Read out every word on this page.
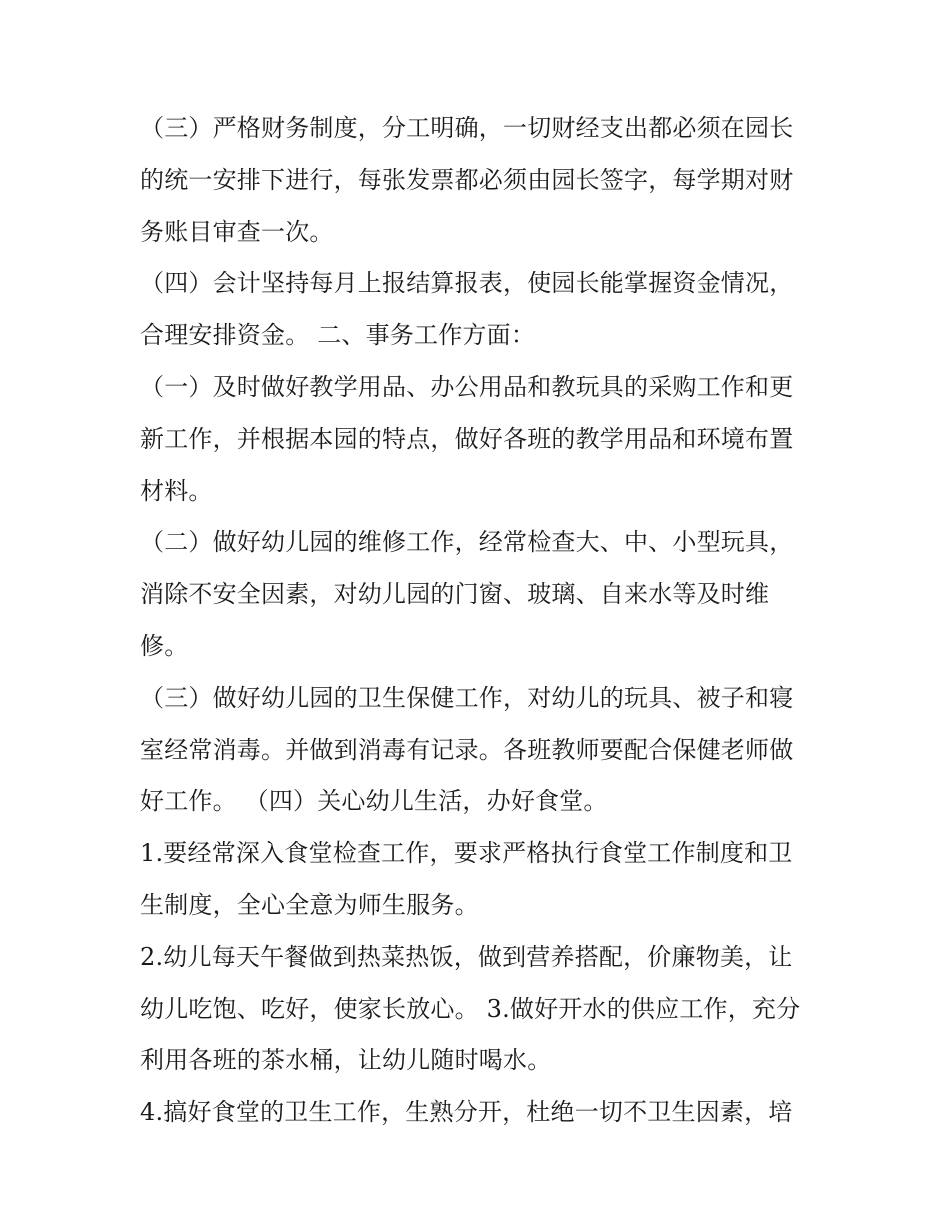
（三）严格财务制度，分工明确，一切财经支出都必须在园长
的统一安排下进行，每张发票都必须由园长签字，每学期对财
务账目审查一次。
（四）会计坚持每月上报结算报表，使园长能掌握资金情况，
合理安排资金。 二、事务工作方面：
（一）及时做好教学用品、办公用品和教玩具的采购工作和更
新工作，并根据本园的特点，做好各班的教学用品和环境布置
材料。
（二）做好幼儿园的维修工作，经常检查大、中、小型玩具，
消除不安全因素，对幼儿园的门窗、玻璃、自来水等及时维
修。
（三）做好幼儿园的卫生保健工作，对幼儿的玩具、被子和寝
室经常消毒。并做到消毒有记录。各班教师要配合保健老师做
好工作。 （四）关心幼儿生活，办好食堂。
1.要经常深入食堂检查工作，要求严格执行食堂工作制度和卫
生制度，全心全意为师生服务。
2.幼儿每天午餐做到热菜热饭，做到营养搭配，价廉物美，让
幼儿吃饱、吃好，使家长放心。 3.做好开水的供应工作，充分
利用各班的茶水桶，让幼儿随时喝水。
4.搞好食堂的卫生工作，生熟分开，杜绝一切不卫生因素，培
